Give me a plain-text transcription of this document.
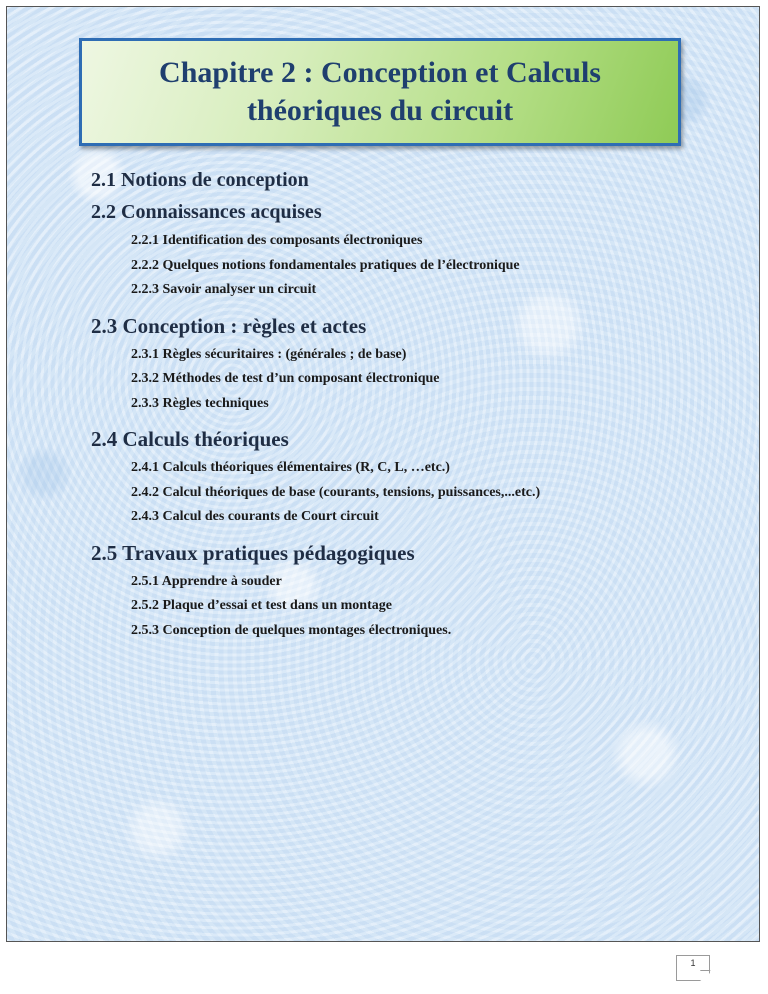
Chapitre 2 : Conception et Calculs
théoriques du circuit
2.1 Notions de conception
2.2 Connaissances acquises
2.2.1 Identification des composants électroniques
2.2.2 Quelques notions fondamentales pratiques de l’électronique
2.2.3 Savoir analyser un circuit
2.3 Conception : règles et actes
2.3.1 Règles sécuritaires : (générales ; de base)
2.3.2 Méthodes de test d’un composant électronique
2.3.3 Règles techniques
2.4 Calculs théoriques
2.4.1 Calculs théoriques élémentaires (R, C, L, …etc.)
2.4.2 Calcul théoriques de base (courants, tensions, puissances,...etc.)
2.4.3 Calcul des courants de Court circuit
2.5 Travaux pratiques pédagogiques
2.5.1 Apprendre à souder
2.5.2 Plaque d’essai et test dans un montage
2.5.3 Conception de quelques montages électroniques.
1
